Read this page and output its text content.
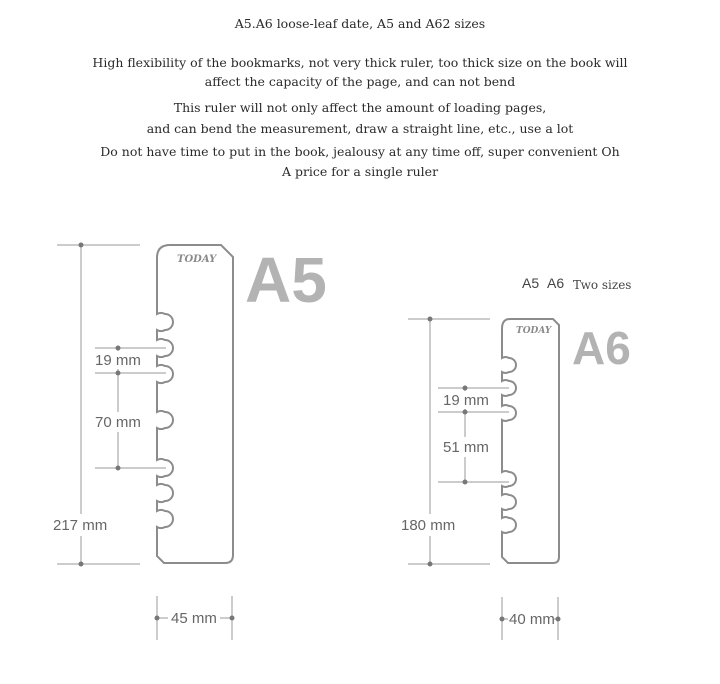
A5.A6 loose-leaf date, A5 and A62 sizes
High flexibility of the bookmarks, not very thick ruler, too thick size on the book will
affect the capacity of the page, and can not bend
This ruler will not only affect the amount of loading pages,
and can bend the measurement, draw a straight line, etc., use a lot
Do not have time to put in the book, jealousy at any time off, super convenient Oh
A price for a single ruler
217 mm
19 mm
70 mm
TODAY A5
45 mm
A5 A6 Two sizes
180 mm
19 mm
51 mm
TODAY A6
40 mm
